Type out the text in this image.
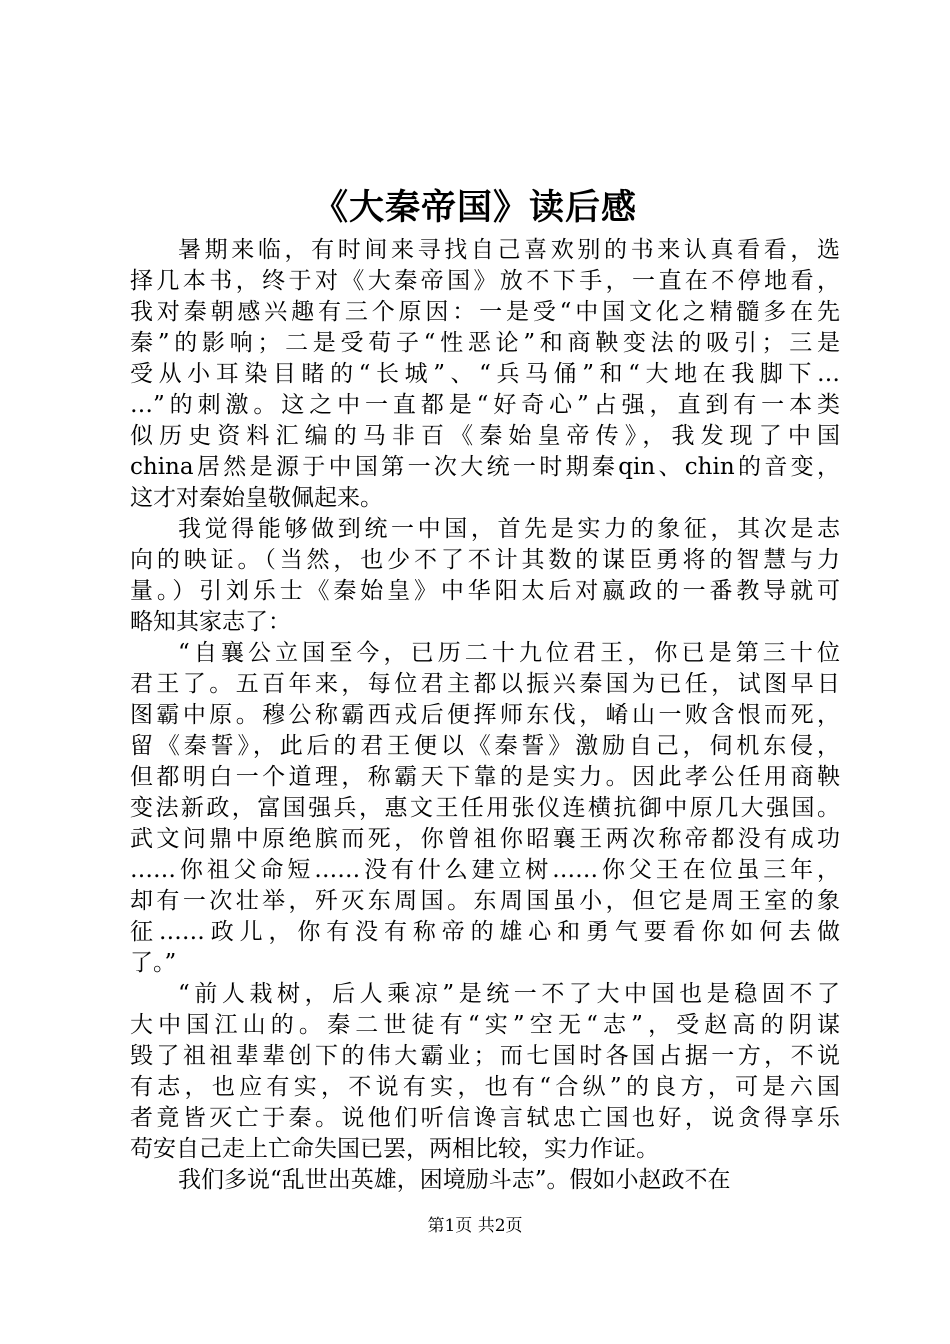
《大秦帝国》读后感
暑期来临，有时间来寻找自己喜欢别的书来认真看看，选
择几本书，终于对《大秦帝国》放不下手，一直在不停地看，
我对秦朝感兴趣有三个原因：一是受“中国文化之精髓多在先
秦”的影响；二是受荀子“性恶论”和商鞅变法的吸引；三是
受从小耳染目睹的“长城”、“兵马俑”和“大地在我脚下…
…”的刺激。这之中一直都是“好奇心”占强，直到有一本类
似历史资料汇编的马非百《秦始皇帝传》，我发现了中国
china居然是源于中国第一次大统一时期秦qin、chin的音变，
这才对秦始皇敬佩起来。
我觉得能够做到统一中国，首先是实力的象征，其次是志
向的映证。（当然，也少不了不计其数的谋臣勇将的智慧与力
量。）引刘乐士《秦始皇》中华阳太后对嬴政的一番教导就可
略知其家志了：
“自襄公立国至今，已历二十九位君王，你已是第三十位
君王了。五百年来，每位君主都以振兴秦国为已任，试图早日
图霸中原。穆公称霸西戎后便挥师东伐，崤山一败含恨而死，
留《秦誓》，此后的君王便以《秦誓》激励自己，伺机东侵，
但都明白一个道理，称霸天下靠的是实力。因此孝公任用商鞅
变法新政，富国强兵，惠文王任用张仪连横抗御中原几大强国。
武文问鼎中原绝膑而死，你曾祖你昭襄王两次称帝都没有成功
……你祖父命短……没有什么建立树……你父王在位虽三年，
却有一次壮举，歼灭东周国。东周国虽小，但它是周王室的象
征……政儿，你有没有称帝的雄心和勇气要看你如何去做
了。”
“前人栽树，后人乘凉”是统一不了大中国也是稳固不了
大中国江山的。秦二世徒有“实”空无“志”，受赵高的阴谋
毁了祖祖辈辈创下的伟大霸业；而七国时各国占据一方，不说
有志，也应有实，不说有实，也有“合纵”的良方，可是六国
者竟皆灭亡于秦。说他们听信谗言轼忠亡国也好，说贪得享乐
苟安自己走上亡命失国已罢，两相比较，实力作证。
我们多说“乱世出英雄，困境励斗志”。假如小赵政不在
第1页 共2页
